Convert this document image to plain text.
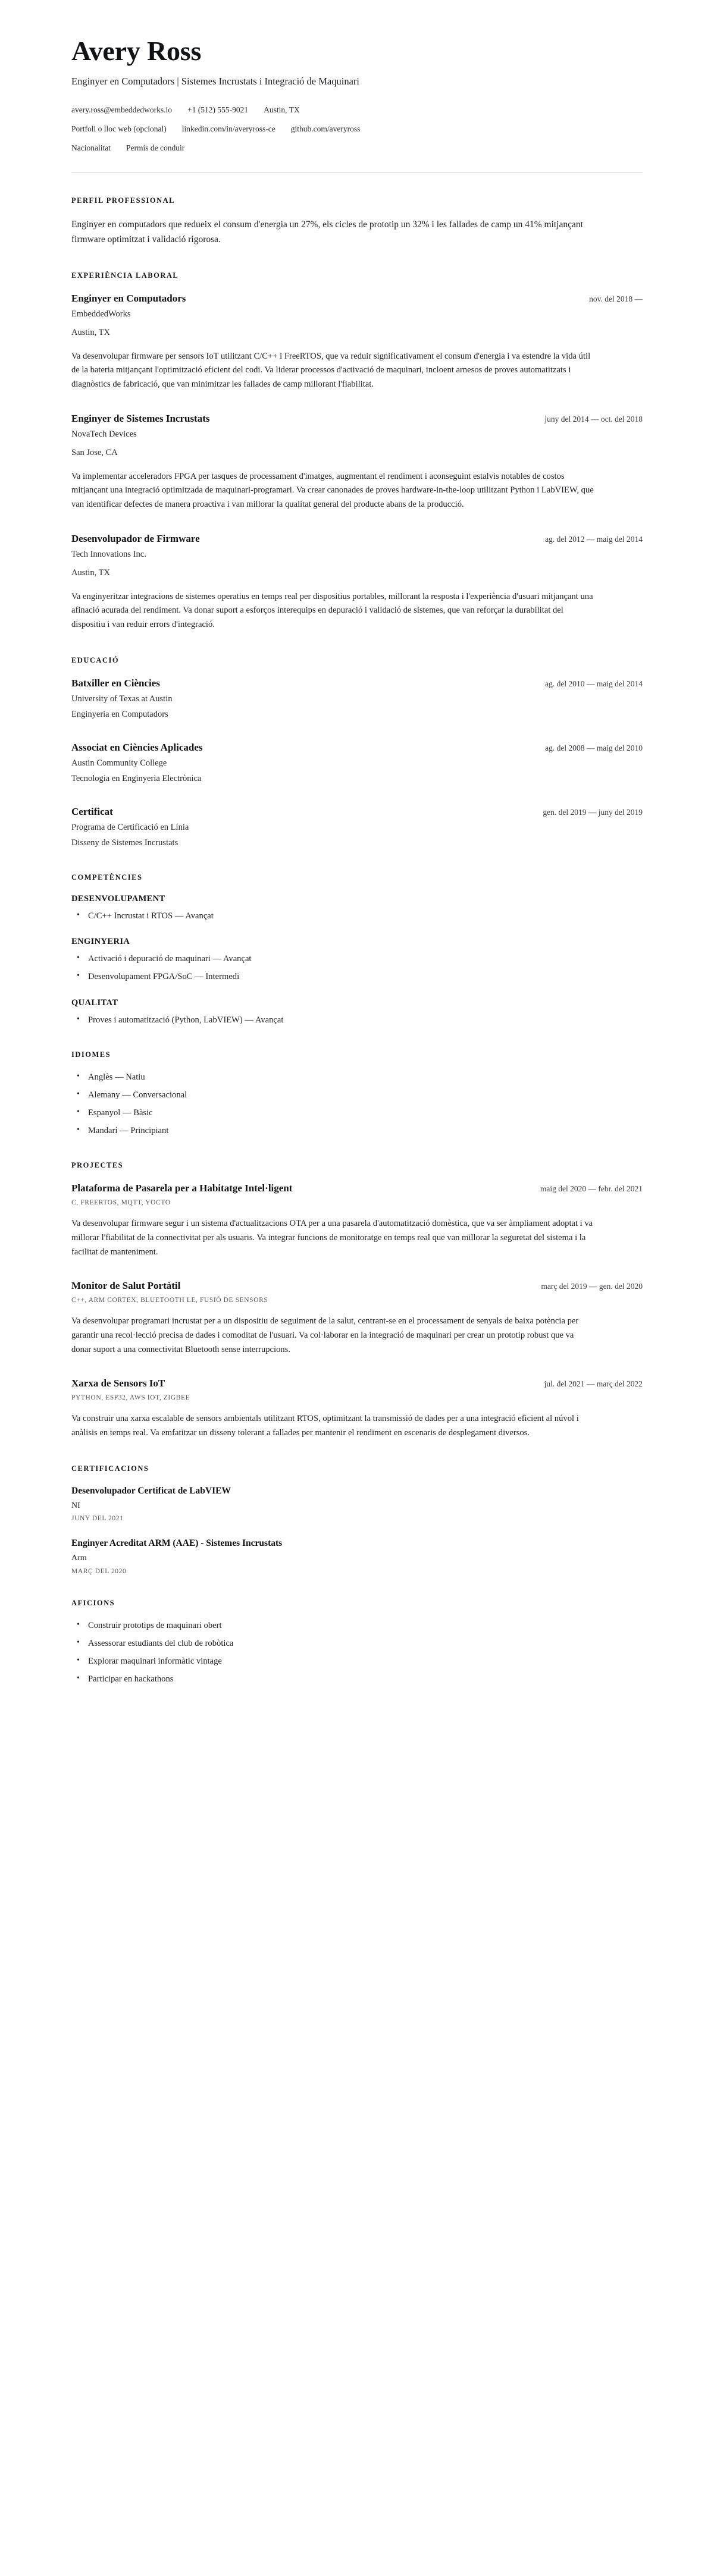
Avery Ross

Enginyer en Computadors | Sistemes Incrustats i Integració de Maquinari

avery.ross@embeddedworks.io +1 (512) 555-9021 Austin, TX
Portfoli o lloc web (opcional) linkedin.com/in/averyross-ce github.com/averyross
Nacionalitat Permís de conduir
PERFIL PROFESSIONAL

Enginyer en computadors que redueix el consum d'energia un 27%, els cicles de prototip un 32% i les fallades de camp un 41% mitjançant firmware optimitzat i validació rigorosa.

EXPERIÈNCIA LABORAL
Enginyer en Computadors	nov. del 2018 —

EmbeddedWorks

Austin, TX

Va desenvolupar firmware per sensors IoT utilitzant C/C++ i FreeRTOS, que va reduir significativament el consum d'energia i va estendre la vida útil de la bateria mitjançant l'optimització eficient del codi. Va liderar processos d'activació de maquinari, incloent arnesos de proves automatitzats i diagnòstics de fabricació, que van minimitzar les fallades de camp millorant l'fiabilitat.

Enginyer de Sistemes Incrustats	juny del 2014 — oct. del 2018

NovaTech Devices

San Jose, CA

Va implementar acceleradors FPGA per tasques de processament d'imatges, augmentant el rendiment i aconseguint estalvis notables de costos mitjançant una integració optimitzada de maquinari-programari. Va crear canonades de proves hardware-in-the-loop utilitzant Python i LabVIEW, que van identificar defectes de manera proactiva i van millorar la qualitat general del producte abans de la producció.

Desenvolupador de Firmware	ag. del 2012 — maig del 2014

Tech Innovations Inc.

Austin, TX

Va enginyeritzar integracions de sistemes operatius en temps real per dispositius portables, millorant la resposta i l'experiència d'usuari mitjançant una afinació acurada del rendiment. Va donar suport a esforços interequips en depuració i validació de sistemes, que van reforçar la durabilitat del dispositiu i van reduir errors d'integració.

EDUCACIÓ
Batxiller en Ciències	ag. del 2010 — maig del 2014

University of Texas at Austin

Enginyeria en Computadors

Associat en Ciències Aplicades	ag. del 2008 — maig del 2010

Austin Community College

Tecnologia en Enginyeria Electrònica

Certificat	gen. del 2019 — juny del 2019

Programa de Certificació en Línia

Disseny de Sistemes Incrustats

COMPETÈNCIES
DESENVOLUPAMENT
• C/C++ Incrustat i RTOS — Avançat
ENGINYERIA
• Activació i depuració de maquinari — Avançat
• Desenvolupament FPGA/SoC — Intermedi
QUALITAT
• Proves i automatització (Python, LabVIEW) — Avançat
IDIOMES
• Anglès — Natiu
• Alemany — Conversacional
• Espanyol — Bàsic
• Mandarí — Principiant
PROJECTES
Plataforma de Pasarela per a Habitatge Intel·ligent	maig del 2020 — febr. del 2021

C, FREERTOS, MQTT, YOCTO

Va desenvolupar firmware segur i un sistema d'actualitzacions OTA per a una pasarela d'automatització domèstica, que va ser àmpliament adoptat i va millorar l'fiabilitat de la connectivitat per als usuaris. Va integrar funcions de monitoratge en temps real que van millorar la seguretat del sistema i la facilitat de manteniment.

Monitor de Salut Portàtil	març del 2019 — gen. del 2020

C++, ARM CORTEX, BLUETOOTH LE, FUSIÓ DE SENSORS

Va desenvolupar programari incrustat per a un dispositiu de seguiment de la salut, centrant-se en el processament de senyals de baixa potència per garantir una recol·lecció precisa de dades i comoditat de l'usuari. Va col·laborar en la integració de maquinari per crear un prototip robust que va donar suport a una connectivitat Bluetooth sense interrupcions.

Xarxa de Sensors IoT	jul. del 2021 — març del 2022

PYTHON, ESP32, AWS IOT, ZIGBEE

Va construir una xarxa escalable de sensors ambientals utilitzant RTOS, optimitzant la transmissió de dades per a una integració eficient al núvol i anàlisis en temps real. Va emfatitzar un disseny tolerant a fallades per mantenir el rendiment en escenaris de desplegament diversos.

CERTIFICACIONS
Desenvolupador Certificat de LabVIEW

NI

JUNY DEL 2021

Enginyer Acreditat ARM (AAE) - Sistemes Incrustats

Arm

MARÇ DEL 2020

AFICIONS
• Construir prototips de maquinari obert
• Assessorar estudiants del club de robòtica
• Explorar maquinari informàtic vintage
• Participar en hackathons
